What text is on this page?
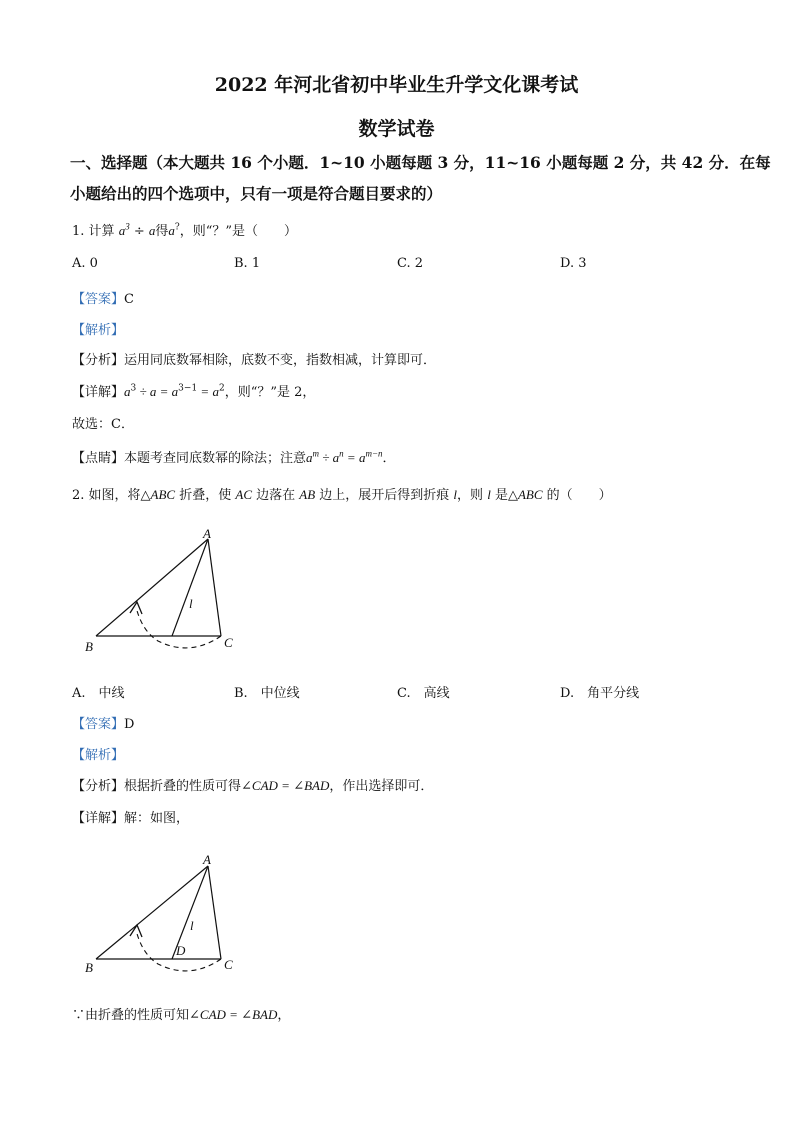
2022 年河北省初中毕业生升学文化课考试
数学试卷
一、选择题（本大题共 16 个小题．1~10 小题每题 3 分，11~16 小题每题 2 分，共 42 分．在每
小题给出的四个选项中，只有一项是符合题目要求的）
1. 计算 $a^3 \div a$得a?，则“？”是（　　）
A. 0	B. 1	C. 2	D. 3
【答案】C
【解析】
【分析】运用同底数幂相除，底数不变，指数相减，计算即可．
【详解】$a^3 \div a = a^{3-1} = a^2$，则“？”是 2，
故选：C．
【点睛】本题考查同底数幂的除法；注意$a^m \div a^n = a^{m-n}$．
2. 如图，将△ABC 折叠，使 AC 边落在 AB 边上，展开后得到折痕 l，则 l 是△ABC 的（　　）
A
B	C
l
A.　中线	B.　中位线	C.　高线	D.　角平分线
【答案】D
【解析】
【分析】根据折叠的性质可得∠CAD = ∠BAD，作出选择即可．
【详解】解：如图，
A
B	C
D
l
∵由折叠的性质可知∠CAD = ∠BAD，
